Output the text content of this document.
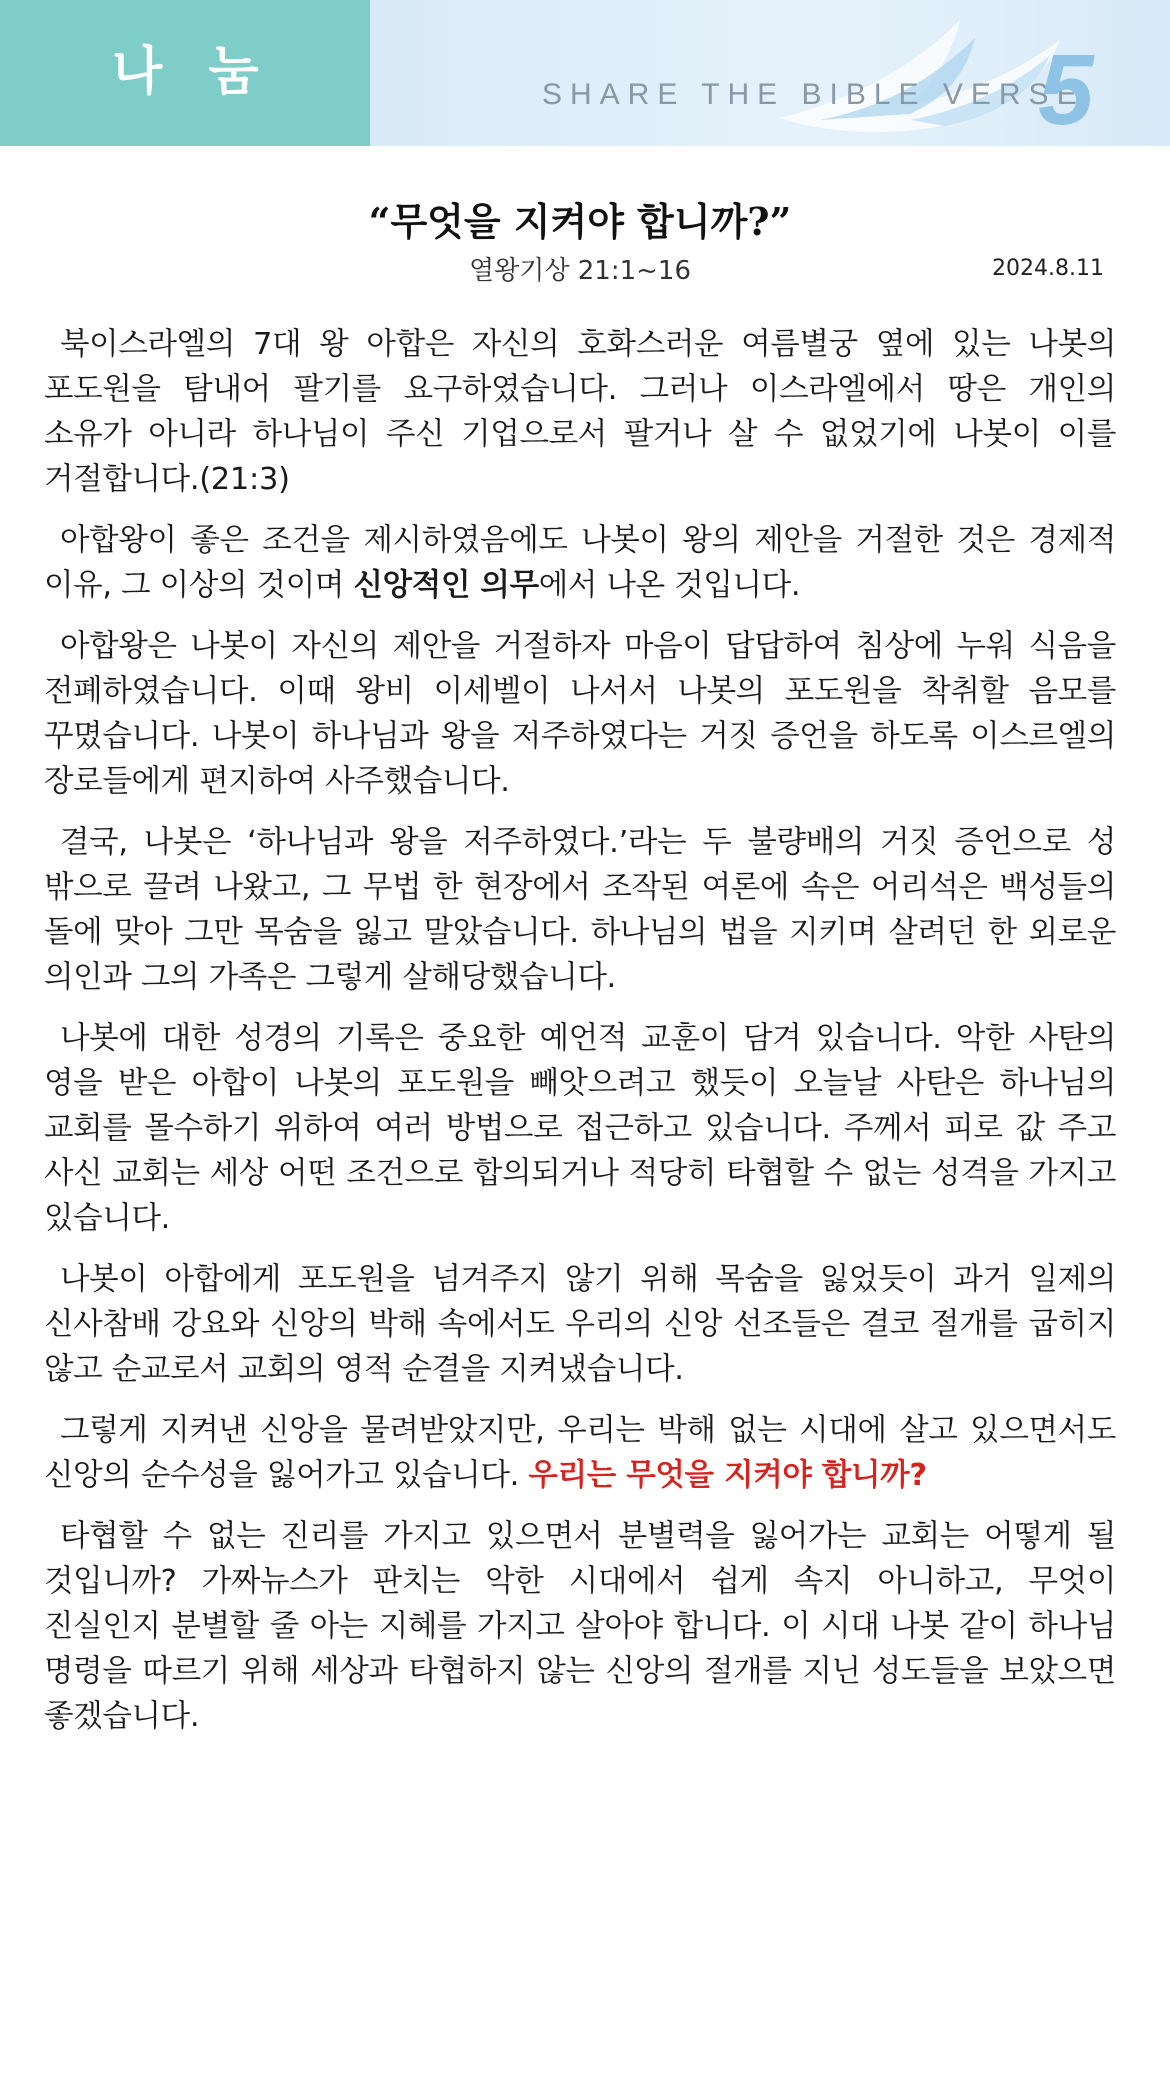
나 눔	SHARE THE BIBLE VERSE
5
“무엇을 지켜야 합니까?”
열왕기상 21:1~16	2024.8.11

북이스라엘의 7대 왕 아합은 자신의 호화스러운 여름별궁 옆에 있는 나봇의 포도원을 탐내어 팔기를 요구하였습니다. 그러나 이스라엘에서 땅은 개인의 소유가 아니라 하나님이 주신 기업으로서 팔거나 살 수 없었기에 나봇이 이를 거절합니다.(21:3)

아합왕이 좋은 조건을 제시하였음에도 나봇이 왕의 제안을 거절한 것은 경제적 이유, 그 이상의 것이며 신앙적인 의무에서 나온 것입니다.

아합왕은 나봇이 자신의 제안을 거절하자 마음이 답답하여 침상에 누워 식음을 전폐하였습니다. 이때 왕비 이세벨이 나서서 나봇의 포도원을 착취할 음모를 꾸몄습니다. 나봇이 하나님과 왕을 저주하였다는 거짓 증언을 하도록 이스르엘의 장로들에게 편지하여 사주했습니다.

결국, 나봇은 ‘하나님과 왕을 저주하였다.’라는 두 불량배의 거짓 증언으로 성 밖으로 끌려 나왔고, 그 무법 한 현장에서 조작된 여론에 속은 어리석은 백성들의 돌에 맞아 그만 목숨을 잃고 말았습니다. 하나님의 법을 지키며 살려던 한 외로운 의인과 그의 가족은 그렇게 살해당했습니다.

나봇에 대한 성경의 기록은 중요한 예언적 교훈이 담겨 있습니다. 악한 사탄의 영을 받은 아합이 나봇의 포도원을 빼앗으려고 했듯이 오늘날 사탄은 하나님의 교회를 몰수하기 위하여 여러 방법으로 접근하고 있습니다. 주께서 피로 값 주고 사신 교회는 세상 어떤 조건으로 합의되거나 적당히 타협할 수 없는 성격을 가지고 있습니다.

나봇이 아합에게 포도원을 넘겨주지 않기 위해 목숨을 잃었듯이 과거 일제의 신사참배 강요와 신앙의 박해 속에서도 우리의 신앙 선조들은 결코 절개를 굽히지 않고 순교로서 교회의 영적 순결을 지켜냈습니다.

그렇게 지켜낸 신앙을 물려받았지만, 우리는 박해 없는 시대에 살고 있으면서도 신앙의 순수성을 잃어가고 있습니다. 우리는 무엇을 지켜야 합니까?

타협할 수 없는 진리를 가지고 있으면서 분별력을 잃어가는 교회는 어떻게 될 것입니까? 가짜뉴스가 판치는 악한 시대에서 쉽게 속지 아니하고, 무엇이 진실인지 분별할 줄 아는 지혜를 가지고 살아야 합니다. 이 시대 나봇 같이 하나님 명령을 따르기 위해 세상과 타협하지 않는 신앙의 절개를 지닌 성도들을 보았으면 좋겠습니다.
